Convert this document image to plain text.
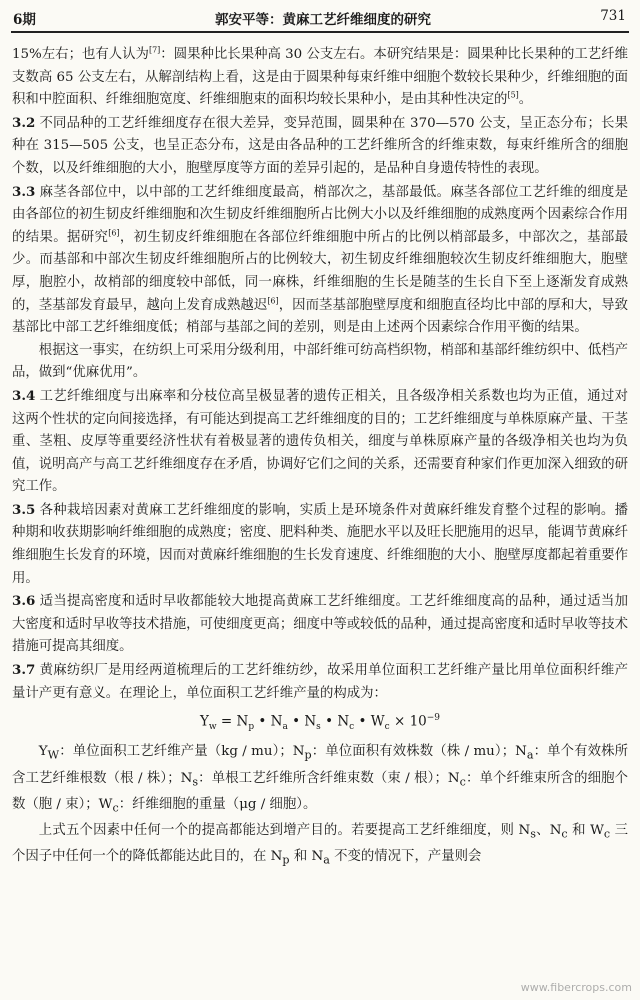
6期	郭安平等：黄麻工艺纤维细度的研究	731

15%左右；也有人认为[7]：圆果种比长果种高 30 公支左右。本研究结果是：圆果种比长果种的工艺纤维支数高 65 公支左右，从解剖结构上看，这是由于圆果种每束纤维中细胞个数较长果种少，纤维细胞的面积和中腔面积、纤维细胞宽度、纤维细胞束的面积均较长果种小，是由其种性决定的[5]。

3.2 不同品种的工艺纤维细度存在很大差异，变异范围，圆果种在 370—570 公支，呈正态分布；长果种在 315—505 公支，也呈正态分布，这是由各品种的工艺纤维所含的纤维束数，每束纤维所含的细胞个数，以及纤维细胞的大小，胞壁厚度等方面的差异引起的，是品种自身遗传特性的表现。

3.3 麻茎各部位中，以中部的工艺纤维细度最高，梢部次之，基部最低。麻茎各部位工艺纤维的细度是由各部位的初生韧皮纤维细胞和次生韧皮纤维细胞所占比例大小以及纤维细胞的成熟度两个因素综合作用的结果。据研究[6]，初生韧皮纤维细胞在各部位纤维细胞中所占的比例以梢部最多，中部次之，基部最少。而基部和中部次生韧皮纤维细胞所占的比例较大，初生韧皮纤维细胞较次生韧皮纤维细胞大，胞壁厚，胞腔小，故梢部的细度较中部低，同一麻株，纤维细胞的生长是随茎的生长自下至上逐渐发育成熟的，茎基部发育最早，越向上发育成熟越迟[6]，因而茎基部胞壁厚度和细胞直径均比中部的厚和大，导致基部比中部工艺纤维细度低；梢部与基部之间的差别，则是由上述两个因素综合作用平衡的结果。

根据这一事实，在纺织上可采用分级利用，中部纤维可纺高档织物，梢部和基部纤维纺织中、低档产品，做到“优麻优用”。

3.4 工艺纤维细度与出麻率和分枝位高呈极显著的遗传正相关，且各级净相关系数也均为正值，通过对这两个性状的定向间接选择，有可能达到提高工艺纤维细度的目的；工艺纤维细度与单株原麻产量、干茎重、茎粗、皮厚等重要经济性状有着极显著的遗传负相关，细度与单株原麻产量的各级净相关也均为负值，说明高产与高工艺纤维细度存在矛盾，协调好它们之间的关系，还需要育种家们作更加深入细致的研究工作。

3.5 各种栽培因素对黄麻工艺纤维细度的影响，实质上是环境条件对黄麻纤维发育整个过程的影响。播种期和收获期影响纤维细胞的成熟度；密度、肥料种类、施肥水平以及旺长肥施用的迟早，能调节黄麻纤维细胞生长发育的环境，因而对黄麻纤维细胞的生长发育速度、纤维细胞的大小、胞壁厚度都起着重要作用。

3.6 适当提高密度和适时早收都能较大地提高黄麻工艺纤维细度。工艺纤维细度高的品种，通过适当加大密度和适时早收等技术措施，可使细度更高；细度中等或较低的品种，通过提高密度和适时早收等技术措施可提高其细度。

3.7 黄麻纺织厂是用经两道梳理后的工艺纤维纺纱，故采用单位面积工艺纤维产量比用单位面积纤维产量计产更有意义。在理论上，单位面积工艺纤维产量的构成为：

$Y_w = N_p$ • $N_a$ • $N_s$ • $N_c$ • $W_c \times 10^{-9}$

$Y_W$：单位面积工艺纤维产量（kg / mu）；$N_p$：单位面积有效株数（株 / mu）；$N_a$：单个有效株所含工艺纤维根数（根 / 株）；$N_s$：单根工艺纤维所含纤维束数（束 / 根）；$N_c$：单个纤维束所含的细胞个数（胞 / 束）；$W_c$：纤维细胞的重量（μg / 细胞）。

上式五个因素中任何一个的提高都能达到增产目的。若要提高工艺纤维细度，则 $N_s$、$N_c$ 和 $W_c$ 三个因子中任何一个的降低都能达此目的，在 $N_p$ 和 $N_a$ 不变的情况下，产量则会

www.fibercrops.com
